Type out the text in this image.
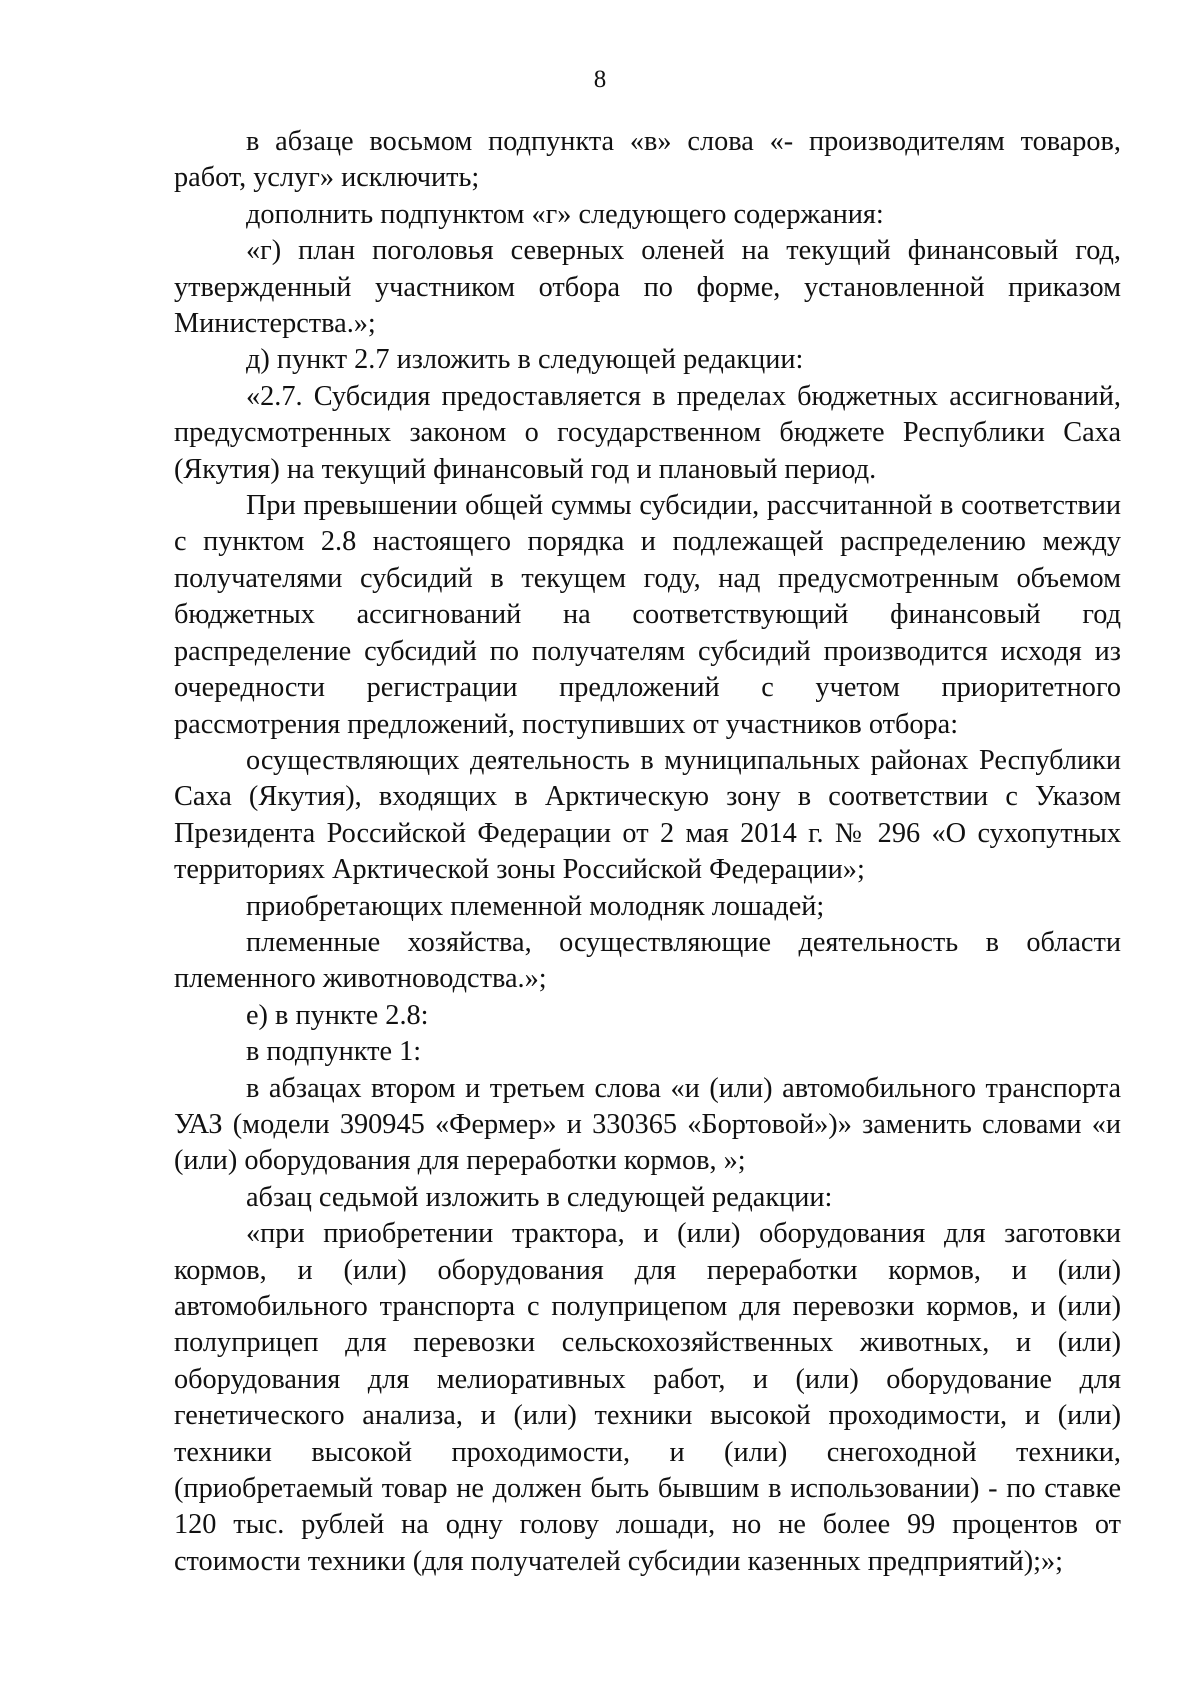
8

в абзаце восьмом подпункта «в» слова «- производителям товаров, работ, услуг» исключить;

дополнить подпунктом «г» следующего содержания:

«г) план поголовья северных оленей на текущий финансовый год, утвержденный участником отбора по форме, установленной приказом Министерства.»;

д) пункт 2.7 изложить в следующей редакции:

«2.7. Субсидия предоставляется в пределах бюджетных ассигнований, предусмотренных законом о государственном бюджете Республики Саха (Якутия) на текущий финансовый год и плановый период.

При превышении общей суммы субсидии, рассчитанной в соответствии с пунктом 2.8 настоящего порядка и подлежащей распределению между получателями субсидий в текущем году, над предусмотренным объемом бюджетных ассигнований на соответствующий финансовый год распределение субсидий по получателям субсидий производится исходя из очередности регистрации предложений с учетом приоритетного рассмотрения предложений, поступивших от участников отбора:

осуществляющих деятельность в муниципальных районах Республики Саха (Якутия), входящих в Арктическую зону в соответствии с Указом Президента Российской Федерации от 2 мая 2014 г. № 296 «О сухопутных территориях Арктической зоны Российской Федерации»;

приобретающих племенной молодняк лошадей;

племенные хозяйства, осуществляющие деятельность в области племенного животноводства.»;

е) в пункте 2.8:

в подпункте 1:

в абзацах втором и третьем слова «и (или) автомобильного транспорта УАЗ (модели 390945 «Фермер» и 330365 «Бортовой»)» заменить словами «и (или) оборудования для переработки кормов, »;

абзац седьмой изложить в следующей редакции:

«при приобретении трактора, и (или) оборудования для заготовки кормов, и (или) оборудования для переработки кормов, и (или) автомобильного транспорта с полуприцепом для перевозки кормов, и (или) полуприцеп для перевозки сельскохозяйственных животных, и (или) оборудования для мелиоративных работ, и (или) оборудование для генетического анализа, и (или) техники высокой проходимости, и (или) техники высокой проходимости, и (или) снегоходной техники, (приобретаемый товар не должен быть бывшим в использовании) - по ставке 120 тыс. рублей на одну голову лошади, но не более 99 процентов от стоимости техники (для получателей субсидии казенных предприятий);»;
